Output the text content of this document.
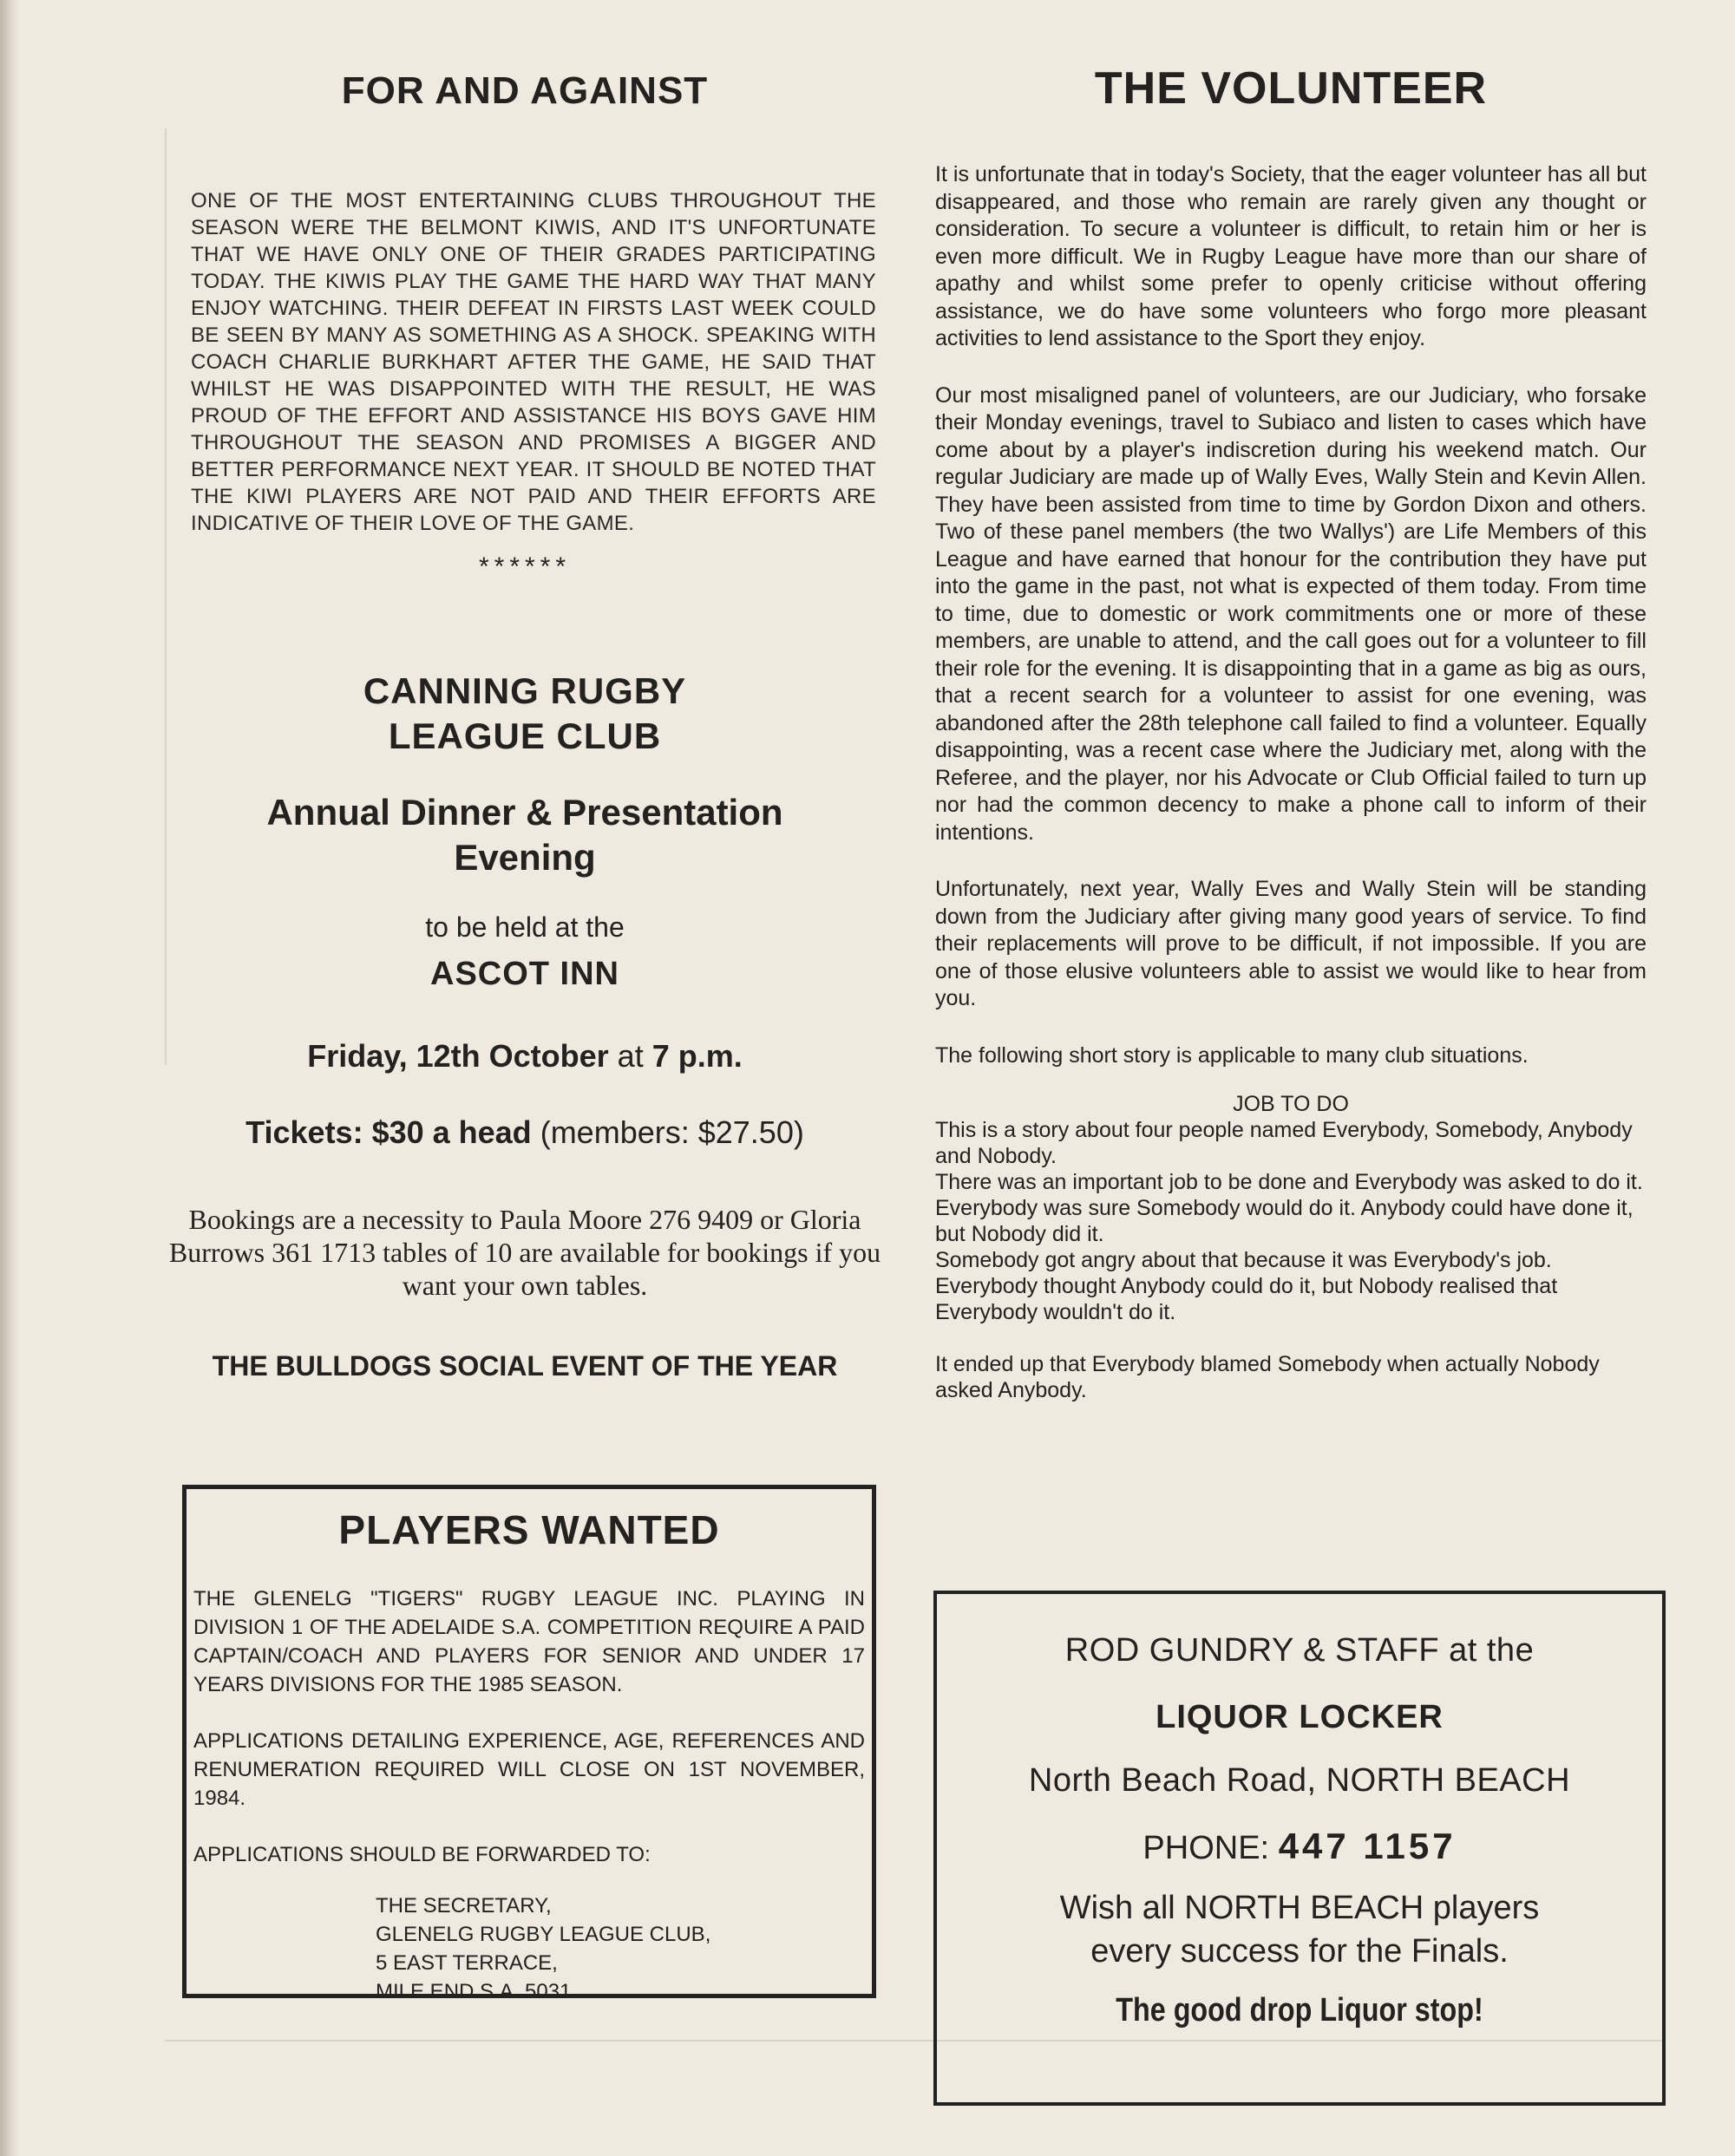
FOR AND AGAINST

ONE OF THE MOST ENTERTAINING CLUBS THROUGHOUT THE SEASON WERE THE BELMONT KIWIS, AND IT'S UNFORTUNATE THAT WE HAVE ONLY ONE OF THEIR GRADES PARTICIPATING TODAY. THE KIWIS PLAY THE GAME THE HARD WAY THAT MANY ENJOY WATCHING. THEIR DEFEAT IN FIRSTS LAST WEEK COULD BE SEEN BY MANY AS SOMETHING AS A SHOCK. SPEAKING WITH COACH CHARLIE BURKHART AFTER THE GAME, HE SAID THAT WHILST HE WAS DISAPPOINTED WITH THE RESULT, HE WAS PROUD OF THE EFFORT AND ASSISTANCE HIS BOYS GAVE HIM THROUGHOUT THE SEASON AND PROMISES A BIGGER AND BETTER PERFORMANCE NEXT YEAR. IT SHOULD BE NOTED THAT THE KIWI PLAYERS ARE NOT PAID AND THEIR EFFORTS ARE INDICATIVE OF THEIR LOVE OF THE GAME.

******
CANNING RUGBY
LEAGUE CLUB
Annual Dinner & Presentation
Evening
to be held at the
ASCOT INN
Friday, 12th October at 7 p.m.
Tickets: $30 a head (members: $27.50)
Bookings are a necessity to Paula Moore 276 9409 or Gloria Burrows 361 1713 tables of 10 are available for bookings if you want your own tables.
THE BULLDOGS SOCIAL EVENT OF THE YEAR
PLAYERS WANTED

THE GLENELG "TIGERS" RUGBY LEAGUE INC. PLAYING IN DIVISION 1 OF THE ADELAIDE S.A. COMPETITION REQUIRE A PAID CAPTAIN/COACH AND PLAYERS FOR SENIOR AND UNDER 17 YEARS DIVISIONS FOR THE 1985 SEASON.

APPLICATIONS DETAILING EXPERIENCE, AGE, REFERENCES AND RENUMERATION REQUIRED WILL CLOSE ON 1ST NOVEMBER, 1984.

APPLICATIONS SHOULD BE FORWARDED TO:

THE SECRETARY,
GLENELG RUGBY LEAGUE CLUB,
5 EAST TERRACE,
MILE END S.A. 5031
THE VOLUNTEER

It is unfortunate that in today's Society, that the eager volunteer has all but disappeared, and those who remain are rarely given any thought or consideration. To secure a volunteer is difficult, to retain him or her is even more difficult. We in Rugby League have more than our share of apathy and whilst some prefer to openly criticise without offering assistance, we do have some volunteers who forgo more pleasant activities to lend assistance to the Sport they enjoy.

Our most misaligned panel of volunteers, are our Judiciary, who forsake their Monday evenings, travel to Subiaco and listen to cases which have come about by a player's indiscretion during his weekend match. Our regular Judiciary are made up of Wally Eves, Wally Stein and Kevin Allen. They have been assisted from time to time by Gordon Dixon and others. Two of these panel members (the two Wallys') are Life Members of this League and have earned that honour for the contribution they have put into the game in the past, not what is expected of them today. From time to time, due to domestic or work commitments one or more of these members, are unable to attend, and the call goes out for a volunteer to fill their role for the evening. It is disappointing that in a game as big as ours, that a recent search for a volunteer to assist for one evening, was abandoned after the 28th telephone call failed to find a volunteer. Equally disappointing, was a recent case where the Judiciary met, along with the Referee, and the player, nor his Advocate or Club Official failed to turn up nor had the common decency to make a phone call to inform of their intentions.

Unfortunately, next year, Wally Eves and Wally Stein will be standing down from the Judiciary after giving many good years of service. To find their replacements will prove to be difficult, if not impossible. If you are one of those elusive volunteers able to assist we would like to hear from you.

The following short story is applicable to many club situations.

JOB TO DO

This is a story about four people named Everybody, Somebody, Anybody and Nobody.

There was an important job to be done and Everybody was asked to do it.

Everybody was sure Somebody would do it. Anybody could have done it, but Nobody did it.

Somebody got angry about that because it was Everybody's job.

Everybody thought Anybody could do it, but Nobody realised that Everybody wouldn't do it.

It ended up that Everybody blamed Somebody when actually Nobody asked Anybody.

ROD GUNDRY & STAFF at the
LIQUOR LOCKER
North Beach Road, NORTH BEACH
PHONE: 447 1157
Wish all NORTH BEACH players
every success for the Finals.
The good drop Liquor stop!
